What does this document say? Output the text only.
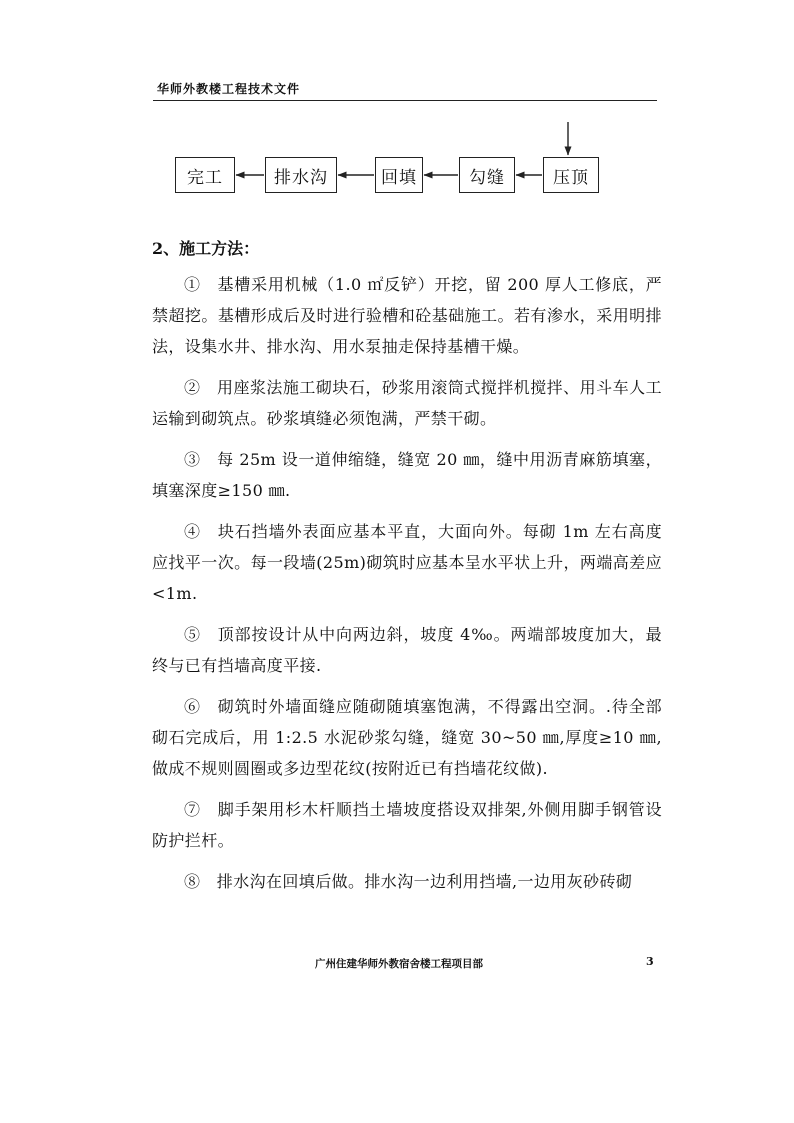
华师外教楼工程技术文件
完工	排水沟	回填	勾缝	压顶
2、施工方法：

①　基槽采用机械（1.0 ㎡反铲）开挖，留 200 厚人工修底，严禁超挖。基槽形成后及时进行验槽和砼基础施工。若有渗水，采用明排法，设集水井、排水沟、用水泵抽走保持基槽干燥。

②　用座浆法施工砌块石，砂浆用滚筒式搅拌机搅拌、用斗车人工运输到砌筑点。砂浆填缝必须饱满，严禁干砌。

③　每 25m 设一道伸缩缝，缝宽 20 ㎜，缝中用沥青麻筋填塞，填塞深度≥150 ㎜.

④　块石挡墙外表面应基本平直，大面向外。每砌 1m 左右高度应找平一次。每一段墙(25m)砌筑时应基本呈水平状上升，两端高差应<1m.

⑤　顶部按设计从中向两边斜，坡度 4‰。两端部坡度加大，最终与已有挡墙高度平接.

⑥　砌筑时外墙面缝应随砌随填塞饱满，不得露出空洞。.待全部砌石完成后，用 1:2.5 水泥砂浆勾缝，缝宽 30~50 ㎜,厚度≥10 ㎜,做成不规则圆圈或多边型花纹(按附近已有挡墙花纹做).

⑦　脚手架用杉木杆顺挡土墙坡度搭设双排架,外侧用脚手钢管设防护拦杆。

⑧　排水沟在回填后做。排水沟一边利用挡墙,一边用灰砂砖砌

广州住建华师外教宿舍楼工程项目部	3
